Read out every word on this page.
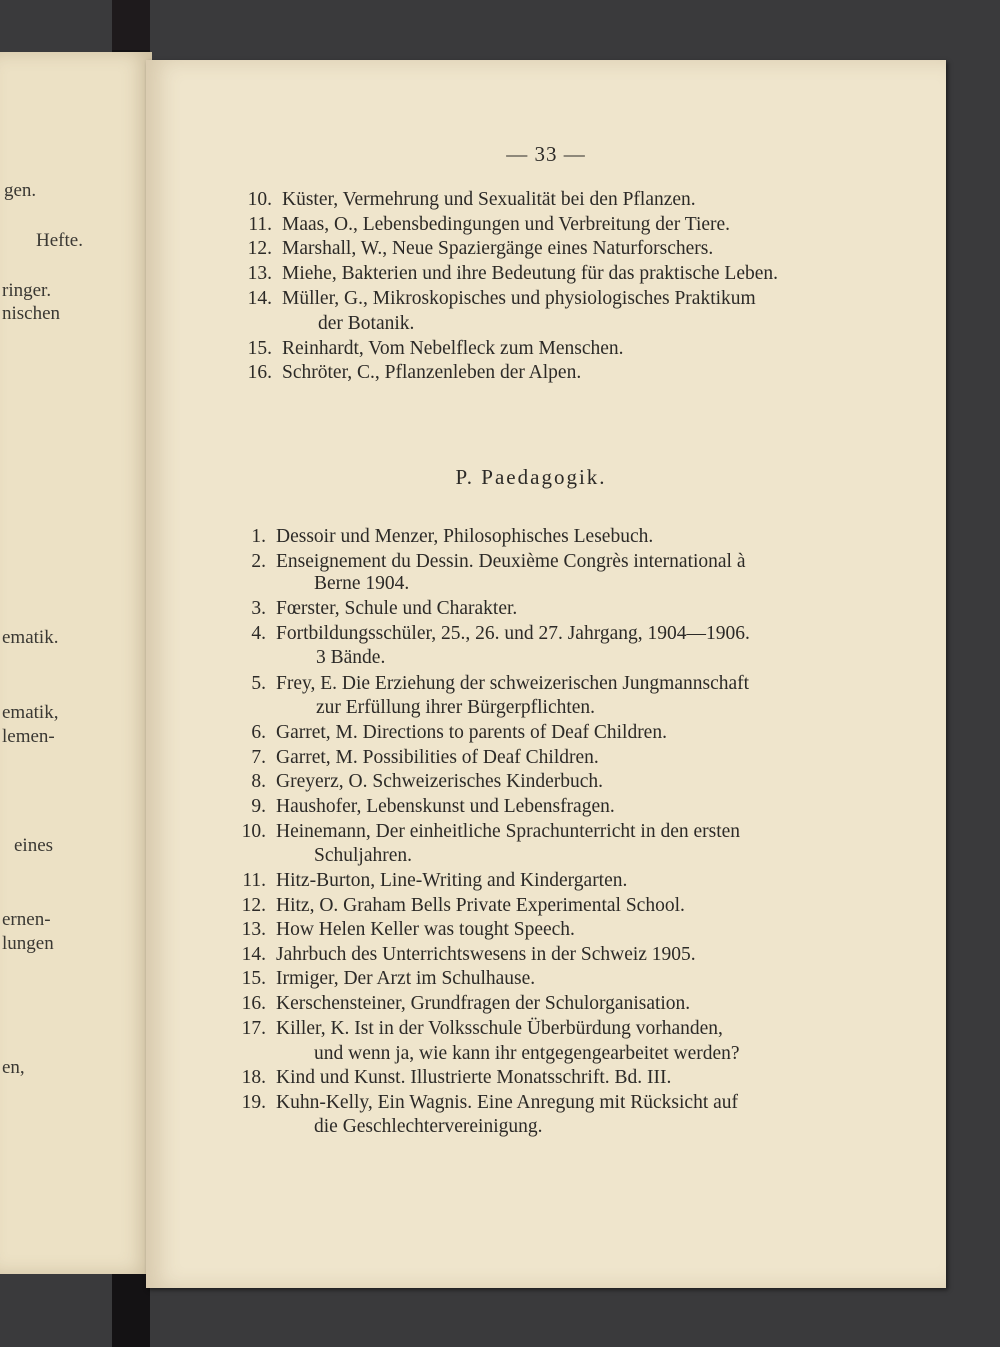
gen.
Hefte.
ringer.
nischen
ematik.
ematik,
lemen-
eines
ernen-
lungen
en,
— 33 —
10. Küster, Vermehrung und Sexualität bei den Pflanzen.
11. Maas, O., Lebensbedingungen und Verbreitung der Tiere.
12. Marshall, W., Neue Spaziergänge eines Naturforschers.
13. Miehe, Bakterien und ihre Bedeutung für das praktische Leben.
14. Müller, G., Mikroskopisches und physiologisches Praktikum
der Botanik.
15. Reinhardt, Vom Nebelfleck zum Menschen.
16. Schröter, C., Pflanzenleben der Alpen.
P. Paedagogik.
1. Dessoir und Menzer, Philosophisches Lesebuch.
2. Enseignement du Dessin. Deuxième Congrès international à
Berne 1904.
3. Fœrster, Schule und Charakter.
4. Fortbildungsschüler, 25., 26. und 27. Jahrgang, 1904—1906.
3 Bände.
5. Frey, E. Die Erziehung der schweizerischen Jungmannschaft
zur Erfüllung ihrer Bürgerpflichten.
6. Garret, M. Directions to parents of Deaf Children.
7. Garret, M. Possibilities of Deaf Children.
8. Greyerz, O. Schweizerisches Kinderbuch.
9. Haushofer, Lebenskunst und Lebensfragen.
10. Heinemann, Der einheitliche Sprachunterricht in den ersten
Schuljahren.
11. Hitz-Burton, Line-Writing and Kindergarten.
12. Hitz, O. Graham Bells Private Experimental School.
13. How Helen Keller was tought Speech.
14. Jahrbuch des Unterrichtswesens in der Schweiz 1905.
15. Irmiger, Der Arzt im Schulhause.
16. Kerschensteiner, Grundfragen der Schulorganisation.
17. Killer, K. Ist in der Volksschule Überbürdung vorhanden,
und wenn ja, wie kann ihr entgegengearbeitet werden?
18. Kind und Kunst. Illustrierte Monatsschrift. Bd. III.
19. Kuhn-Kelly, Ein Wagnis. Eine Anregung mit Rücksicht auf
die Geschlechtervereinigung.
